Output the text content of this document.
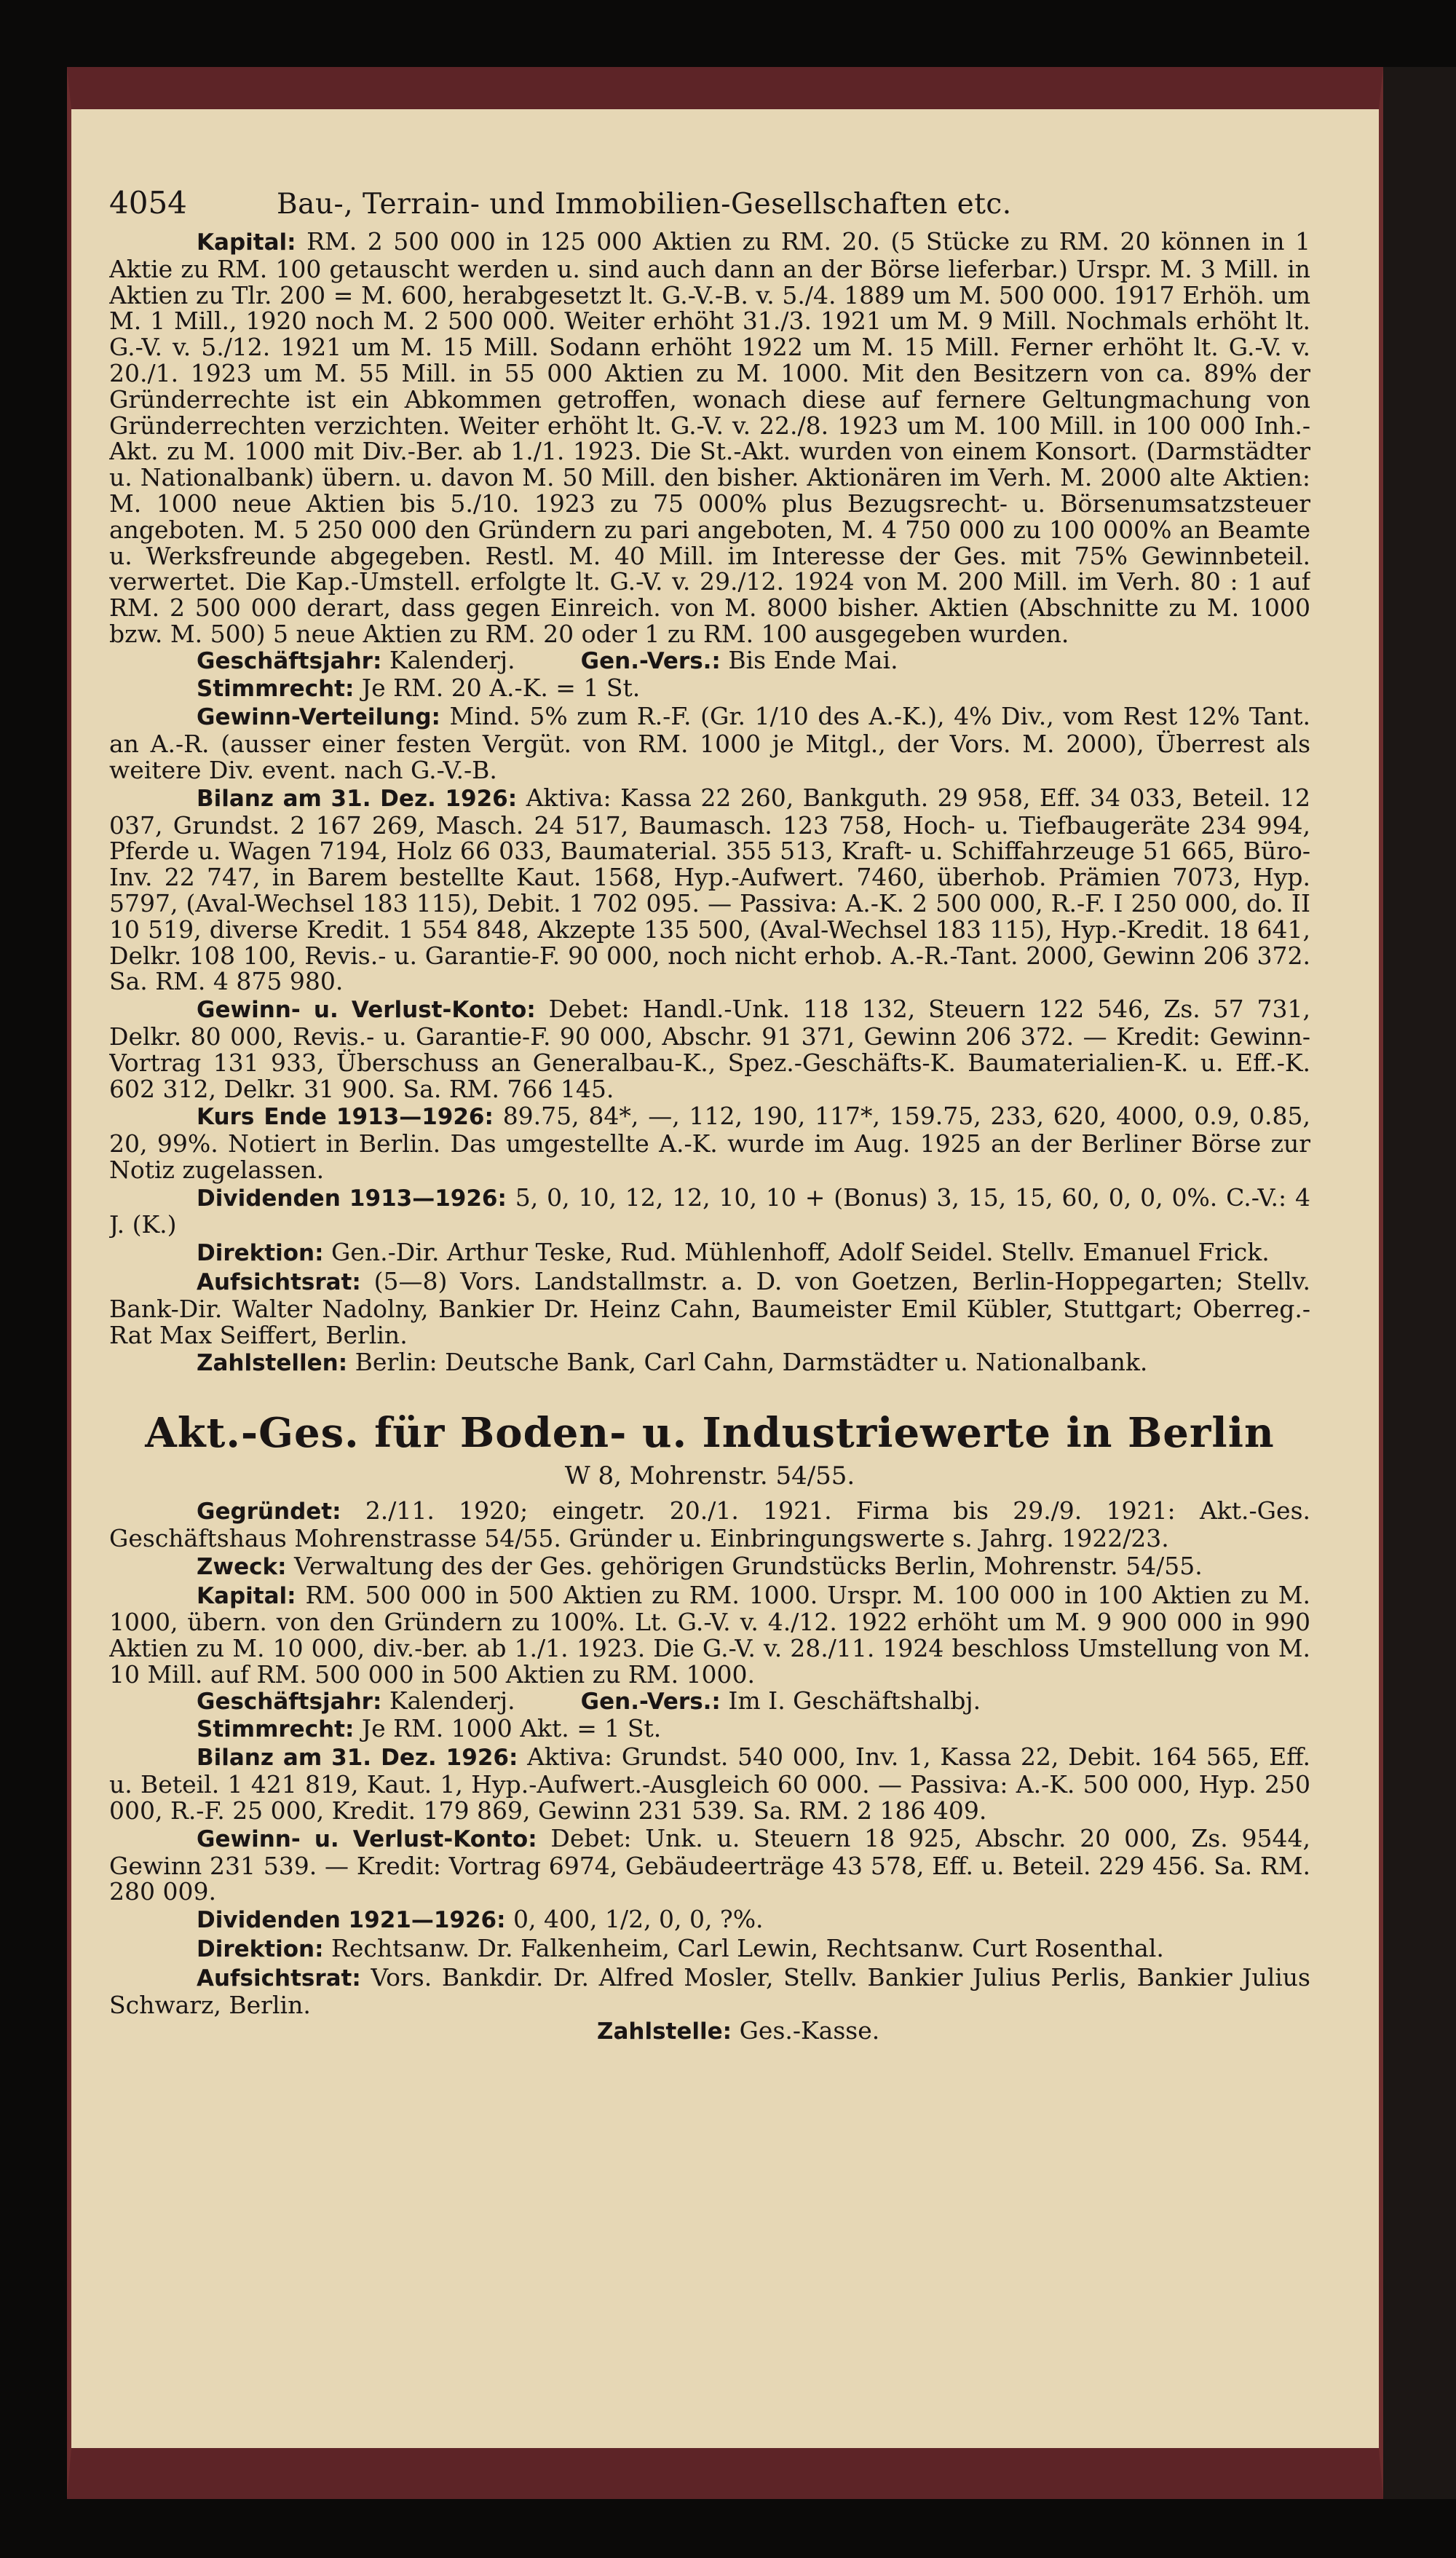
4054	Bau-, Terrain- und Immobilien-Gesellschaften etc.

Kapital: RM. 2 500 000 in 125 000 Aktien zu RM. 20. (5 Stücke zu RM. 20 können in 1 Aktie zu RM. 100 getauscht werden u. sind auch dann an der Börse lieferbar.) Urspr. M. 3 Mill. in Aktien zu Tlr. 200 = M. 600, herabgesetzt lt. G.-V.-B. v. 5./4. 1889 um M. 500 000. 1917 Erhöh. um M. 1 Mill., 1920 noch M. 2 500 000. Weiter erhöht 31./3. 1921 um M. 9 Mill. Nochmals erhöht lt. G.-V. v. 5./12. 1921 um M. 15 Mill. Sodann erhöht 1922 um M. 15 Mill. Ferner erhöht lt. G.-V. v. 20./1. 1923 um M. 55 Mill. in 55 000 Aktien zu M. 1000. Mit den Besitzern von ca. 89% der Gründerrechte ist ein Abkommen getroffen, wonach diese auf fernere Geltungmachung von Gründerrechten verzichten. Weiter erhöht lt. G.-V. v. 22./8. 1923 um M. 100 Mill. in 100 000 Inh.-Akt. zu M. 1000 mit Div.-Ber. ab 1./1. 1923. Die St.-Akt. wurden von einem Konsort. (Darmstädter u. Nationalbank) übern. u. davon M. 50 Mill. den bisher. Aktionären im Verh. M. 2000 alte Aktien: M. 1000 neue Aktien bis 5./10. 1923 zu 75 000% plus Bezugsrecht- u. Börsenumsatzsteuer angeboten. M. 5 250 000 den Gründern zu pari angeboten, M. 4 750 000 zu 100 000% an Beamte u. Werksfreunde abgegeben. Restl. M. 40 Mill. im Interesse der Ges. mit 75% Gewinnbeteil. verwertet. Die Kap.-Umstell. erfolgte lt. G.-V. v. 29./12. 1924 von M. 200 Mill. im Verh. 80 : 1 auf RM. 2 500 000 derart, dass gegen Einreich. von M. 8000 bisher. Aktien (Abschnitte zu M. 1000 bzw. M. 500) 5 neue Aktien zu RM. 20 oder 1 zu RM. 100 ausgegeben wurden.

Geschäftsjahr: Kalenderj.	Gen.-Vers.: Bis Ende Mai.

Stimmrecht: Je RM. 20 A.-K. = 1 St.

Gewinn-Verteilung: Mind. 5% zum R.-F. (Gr. 1/10 des A.-K.), 4% Div., vom Rest 12% Tant. an A.-R. (ausser einer festen Vergüt. von RM. 1000 je Mitgl., der Vors. M. 2000), Überrest als weitere Div. event. nach G.-V.-B.

Bilanz am 31. Dez. 1926: Aktiva: Kassa 22 260, Bankguth. 29 958, Eff. 34 033, Beteil. 12 037, Grundst. 2 167 269, Masch. 24 517, Baumasch. 123 758, Hoch- u. Tiefbaugeräte 234 994, Pferde u. Wagen 7194, Holz 66 033, Baumaterial. 355 513, Kraft- u. Schiffahrzeuge 51 665, Büro-Inv. 22 747, in Barem bestellte Kaut. 1568, Hyp.-Aufwert. 7460, überhob. Prämien 7073, Hyp. 5797, (Aval-Wechsel 183 115), Debit. 1 702 095. — Passiva: A.-K. 2 500 000, R.-F. I 250 000, do. II 10 519, diverse Kredit. 1 554 848, Akzepte 135 500, (Aval-Wechsel 183 115), Hyp.-Kredit. 18 641, Delkr. 108 100, Revis.- u. Garantie-F. 90 000, noch nicht erhob. A.-R.-Tant. 2000, Gewinn 206 372. Sa. RM. 4 875 980.

Gewinn- u. Verlust-Konto: Debet: Handl.-Unk. 118 132, Steuern 122 546, Zs. 57 731, Delkr. 80 000, Revis.- u. Garantie-F. 90 000, Abschr. 91 371, Gewinn 206 372. — Kredit: Gewinn-Vortrag 131 933, Überschuss an Generalbau-K., Spez.-Geschäfts-K. Baumaterialien-K. u. Eff.-K. 602 312, Delkr. 31 900. Sa. RM. 766 145.

Kurs Ende 1913—1926: 89.75, 84*, —, 112, 190, 117*, 159.75, 233, 620, 4000, 0.9, 0.85, 20, 99%. Notiert in Berlin. Das umgestellte A.-K. wurde im Aug. 1925 an der Berliner Börse zur Notiz zugelassen.

Dividenden 1913—1926: 5, 0, 10, 12, 12, 10, 10 + (Bonus) 3, 15, 15, 60, 0, 0, 0%. C.-V.: 4 J. (K.)

Direktion: Gen.-Dir. Arthur Teske, Rud. Mühlenhoff, Adolf Seidel. Stellv. Emanuel Frick.

Aufsichtsrat: (5—8) Vors. Landstallmstr. a. D. von Goetzen, Berlin-Hoppegarten; Stellv. Bank-Dir. Walter Nadolny, Bankier Dr. Heinz Cahn, Baumeister Emil Kübler, Stuttgart; Oberreg.-Rat Max Seiffert, Berlin.

Zahlstellen: Berlin: Deutsche Bank, Carl Cahn, Darmstädter u. Nationalbank.

Akt.-Ges. für Boden- u. Industriewerte in Berlin
W 8, Mohrenstr. 54/55.

Gegründet: 2./11. 1920; eingetr. 20./1. 1921. Firma bis 29./9. 1921: Akt.-Ges. Geschäftshaus Mohrenstrasse 54/55. Gründer u. Einbringungswerte s. Jahrg. 1922/23.

Zweck: Verwaltung des der Ges. gehörigen Grundstücks Berlin, Mohrenstr. 54/55.

Kapital: RM. 500 000 in 500 Aktien zu RM. 1000. Urspr. M. 100 000 in 100 Aktien zu M. 1000, übern. von den Gründern zu 100%. Lt. G.-V. v. 4./12. 1922 erhöht um M. 9 900 000 in 990 Aktien zu M. 10 000, div.-ber. ab 1./1. 1923. Die G.-V. v. 28./11. 1924 beschloss Umstellung von M. 10 Mill. auf RM. 500 000 in 500 Aktien zu RM. 1000.

Geschäftsjahr: Kalenderj.	Gen.-Vers.: Im I. Geschäftshalbj.

Stimmrecht: Je RM. 1000 Akt. = 1 St.

Bilanz am 31. Dez. 1926: Aktiva: Grundst. 540 000, Inv. 1, Kassa 22, Debit. 164 565, Eff. u. Beteil. 1 421 819, Kaut. 1, Hyp.-Aufwert.-Ausgleich 60 000. — Passiva: A.-K. 500 000, Hyp. 250 000, R.-F. 25 000, Kredit. 179 869, Gewinn 231 539. Sa. RM. 2 186 409.

Gewinn- u. Verlust-Konto: Debet: Unk. u. Steuern 18 925, Abschr. 20 000, Zs. 9544, Gewinn 231 539. — Kredit: Vortrag 6974, Gebäudeerträge 43 578, Eff. u. Beteil. 229 456. Sa. RM. 280 009.

Dividenden 1921—1926: 0, 400, 1/2, 0, 0, ?%.

Direktion: Rechtsanw. Dr. Falkenheim, Carl Lewin, Rechtsanw. Curt Rosenthal.

Aufsichtsrat: Vors. Bankdir. Dr. Alfred Mosler, Stellv. Bankier Julius Perlis, Bankier Julius Schwarz, Berlin.

Zahlstelle: Ges.-Kasse.
